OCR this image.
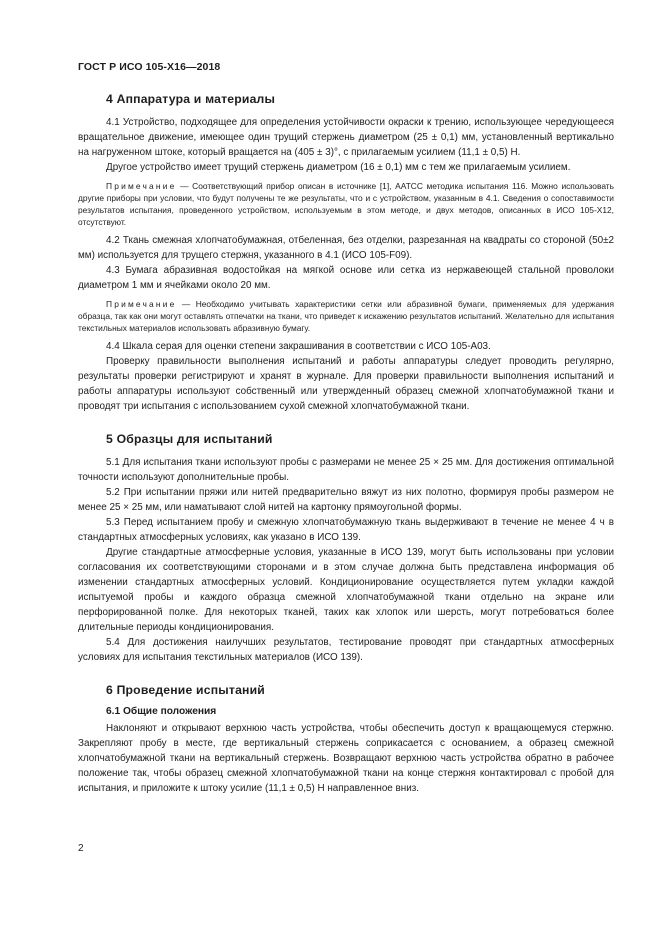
ГОСТ Р ИСО 105-Х16—2018
4 Аппаратура и материалы

4.1 Устройство, подходящее для определения устойчивости окраски к трению, использующее чередующееся вращательное движение, имеющее один трущий стержень диаметром (25 ± 0,1) мм, установленный вертикально на нагруженном штоке, который вращается на (405 ± 3)°, с прилагаемым усилием (11,1 ± 0,5) Н.

Другое устройство имеет трущий стержень диаметром (16 ± 0,1) мм с тем же прилагаемым усилием.

Примечание — Соответствующий прибор описан в источнике [1], AATCC методика испытания 116. Можно использовать другие приборы при условии, что будут получены те же результаты, что и с устройством, указанным в 4.1. Сведения о сопоставимости результатов испытания, проведенного устройством, используемым в этом методе, и двух методов, описанных в ИСО 105-Х12, отсутствуют.

4.2 Ткань смежная хлопчатобумажная, отбеленная, без отделки, разрезанная на квадраты со стороной (50±2 мм) используется для трущего стержня, указанного в 4.1 (ИСО 105-F09).

4.3 Бумага абразивная водостойкая на мягкой основе или сетка из нержавеющей стальной проволоки диаметром 1 мм и ячейками около 20 мм.

Примечание — Необходимо учитывать характеристики сетки или абразивной бумаги, применяемых для удержания образца, так как они могут оставлять отпечатки на ткани, что приведет к искажению результатов испытаний. Желательно для испытания текстильных материалов использовать абразивную бумагу.

4.4 Шкала серая для оценки степени закрашивания в соответствии с ИСО 105-А03.

Проверку правильности выполнения испытаний и работы аппаратуры следует проводить регулярно, результаты проверки регистрируют и хранят в журнале. Для проверки правильности выполнения испытаний и работы аппаратуры используют собственный или утвержденный образец смежной хлопчатобумажной ткани и проводят три испытания с использованием сухой смежной хлопчатобумажной ткани.

5 Образцы для испытаний

5.1 Для испытания ткани используют пробы с размерами не менее 25 × 25 мм. Для достижения оптимальной точности используют дополнительные пробы.

5.2 При испытании пряжи или нитей предварительно вяжут из них полотно, формируя пробы размером не менее 25 × 25 мм, или наматывают слой нитей на картонку прямоугольной формы.

5.3 Перед испытанием пробу и смежную хлопчатобумажную ткань выдерживают в течение не менее 4 ч в стандартных атмосферных условиях, как указано в ИСО 139.

Другие стандартные атмосферные условия, указанные в ИСО 139, могут быть использованы при условии согласования их соответствующими сторонами и в этом случае должна быть представлена информация об изменении стандартных атмосферных условий. Кондиционирование осуществляется путем укладки каждой испытуемой пробы и каждого образца смежной хлопчатобумажной ткани отдельно на экране или перфорированной полке. Для некоторых тканей, таких как хлопок или шерсть, могут потребоваться более длительные периоды кондиционирования.

5.4 Для достижения наилучших результатов, тестирование проводят при стандартных атмосферных условиях для испытания текстильных материалов (ИСО 139).

6 Проведение испытаний
6.1 Общие положения

Наклоняют и открывают верхнюю часть устройства, чтобы обеспечить доступ к вращающемуся стержню. Закрепляют пробу в месте, где вертикальный стержень соприкасается с основанием, а образец смежной хлопчатобумажной ткани на вертикальный стержень. Возвращают верхнюю часть устройства обратно в рабочее положение так, чтобы образец смежной хлопчатобумажной ткани на конце стержня контактировал с пробой для испытания, и приложите к штоку усилие (11,1 ± 0,5) Н направленное вниз.

2
